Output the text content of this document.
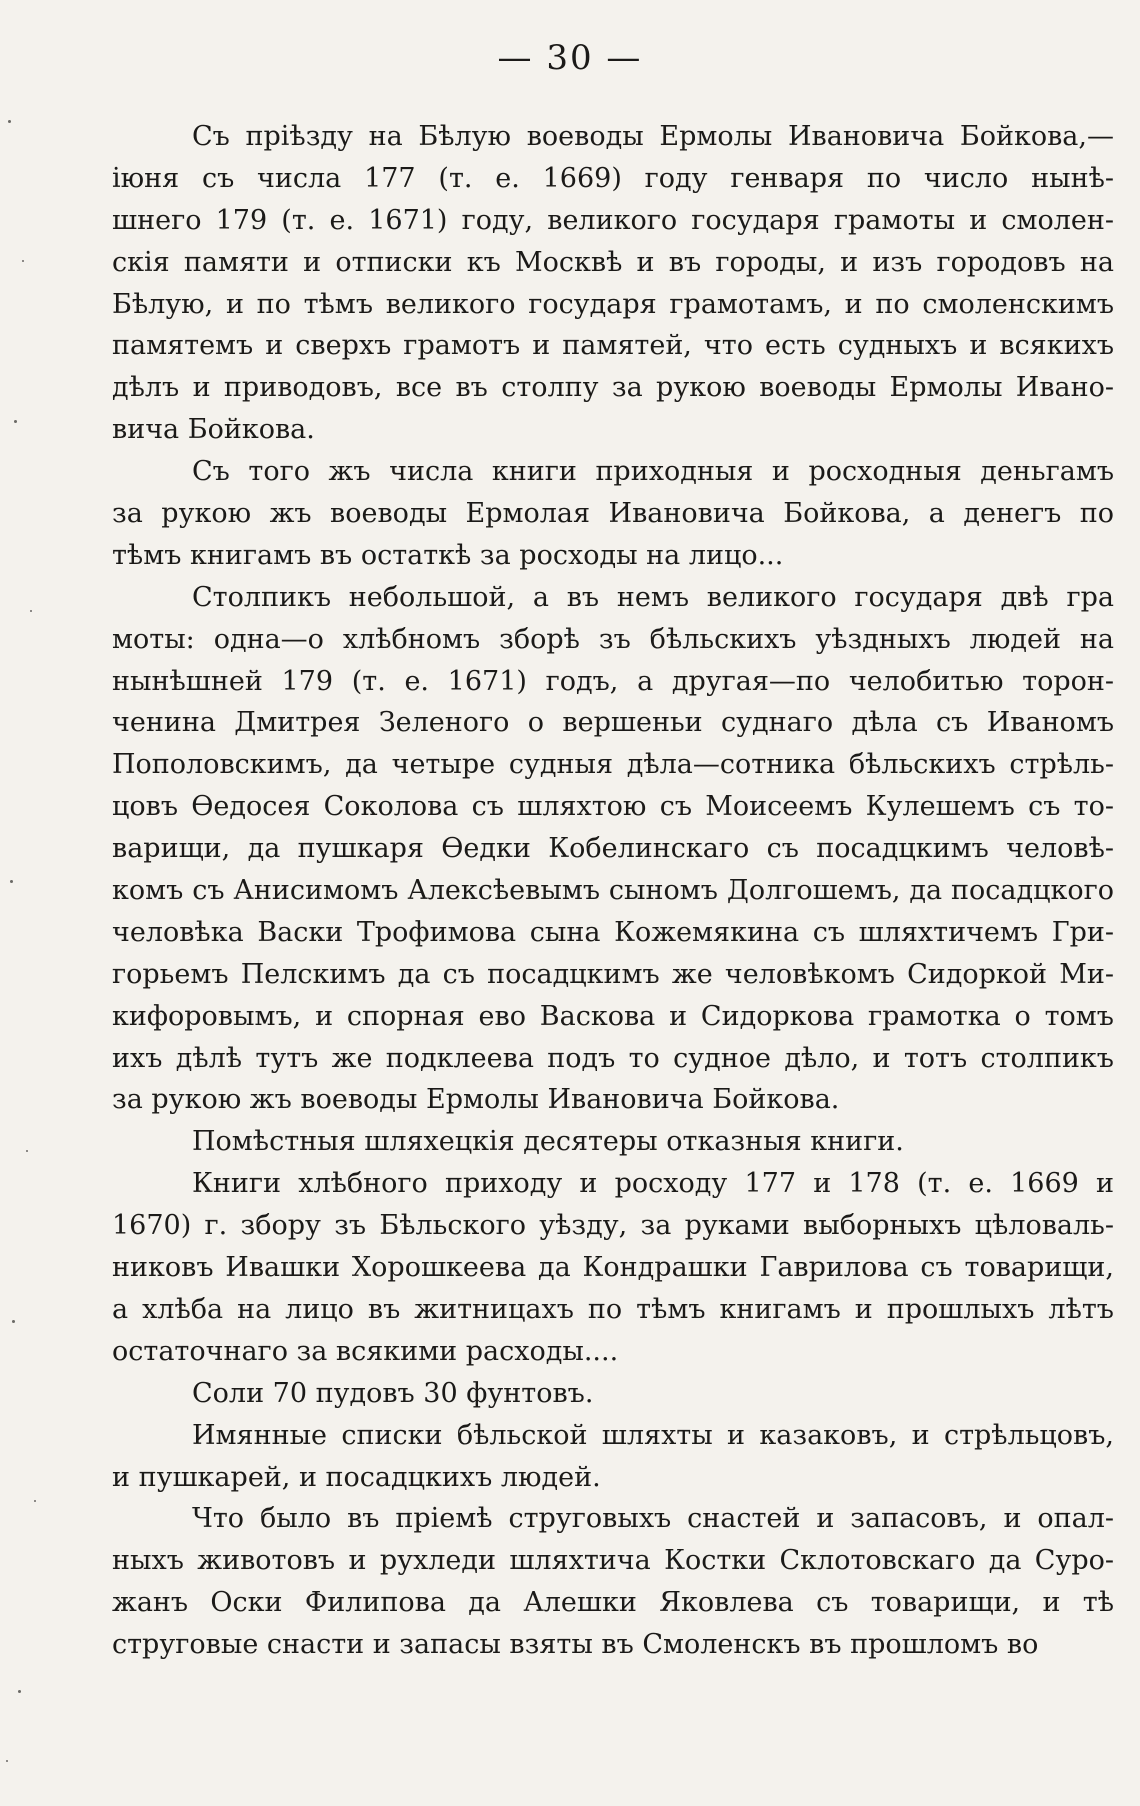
— 30 —
Съ пріѣзду на Бѣлую воеводы Ермолы Ивановича Бойкова,—
іюня съ числа 177 (т. е. 1669) году генваря по число нынѣ-
шнего 179 (т. е. 1671) году, великого государя грамоты и смолен-
скія памяти и отписки къ Москвѣ и въ городы, и изъ городовъ на
Бѣлую, и по тѣмъ великого государя грамотамъ, и по смоленскимъ
памятемъ и сверхъ грамотъ и памятей, что есть судныхъ и всякихъ
дѣлъ и приводовъ, все въ столпу за рукою воеводы Ермолы Ивано-
вича Бойкова.
Съ того жъ числа книги приходныя и росходныя деньгамъ
за рукою жъ воеводы Ермолая Ивановича Бойкова, а денегъ по
тѣмъ книгамъ въ остаткѣ за росходы на лицо...
Столпикъ небольшой, а въ немъ великого государя двѣ гра
моты: одна—о хлѣбномъ зборѣ зъ бѣльскихъ уѣздныхъ людей на
нынѣшней 179 (т. е. 1671) годъ, а другая—по челобитью торон-
ченина Дмитрея Зеленого о вершеньи суднаго дѣла съ Иваномъ
Пополовскимъ, да четыре судныя дѣла—сотника бѣльскихъ стрѣль-
цовъ Ѳедосея Соколова съ шляхтою съ Моисеемъ Кулешемъ съ то-
варищи, да пушкаря Ѳедки Кобелинскаго съ посадцкимъ человѣ-
комъ съ Анисимомъ Алексѣевымъ сыномъ Долгошемъ, да посадцкого
человѣка Васки Трофимова сына Кожемякина съ шляхтичемъ Гри-
горьемъ Пелскимъ да съ посадцкимъ же человѣкомъ Сидоркой Ми-
кифоровымъ, и спорная ево Васкова и Сидоркова грамотка о томъ
ихъ дѣлѣ тутъ же подклеева подъ то судное дѣло, и тотъ столпикъ
за рукою жъ воеводы Ермолы Ивановича Бойкова.
Помѣстныя шляхецкія десятеры отказныя книги.
Книги хлѣбного приходу и росходу 177 и 178 (т. е. 1669 и
1670) г. збору зъ Бѣльского уѣзду, за руками выборныхъ цѣловаль-
никовъ Ивашки Хорошкеева да Кондрашки Гаврилова съ товарищи,
а хлѣба на лицо въ житницахъ по тѣмъ книгамъ и прошлыхъ лѣтъ
остаточнаго за всякими расходы....
Соли 70 пудовъ 30 фунтовъ.
Имянные списки бѣльской шляхты и казаковъ, и стрѣльцовъ,
и пушкарей, и посадцкихъ людей.
Что было въ пріемѣ струговыхъ снастей и запасовъ, и опал-
ныхъ животовъ и рухледи шляхтича Костки Склотовскаго да Суро-
жанъ Оски Филипова да Алешки Яковлева съ товарищи, и тѣ
струговые снасти и запасы взяты въ Смоленскъ въ прошломъ во
